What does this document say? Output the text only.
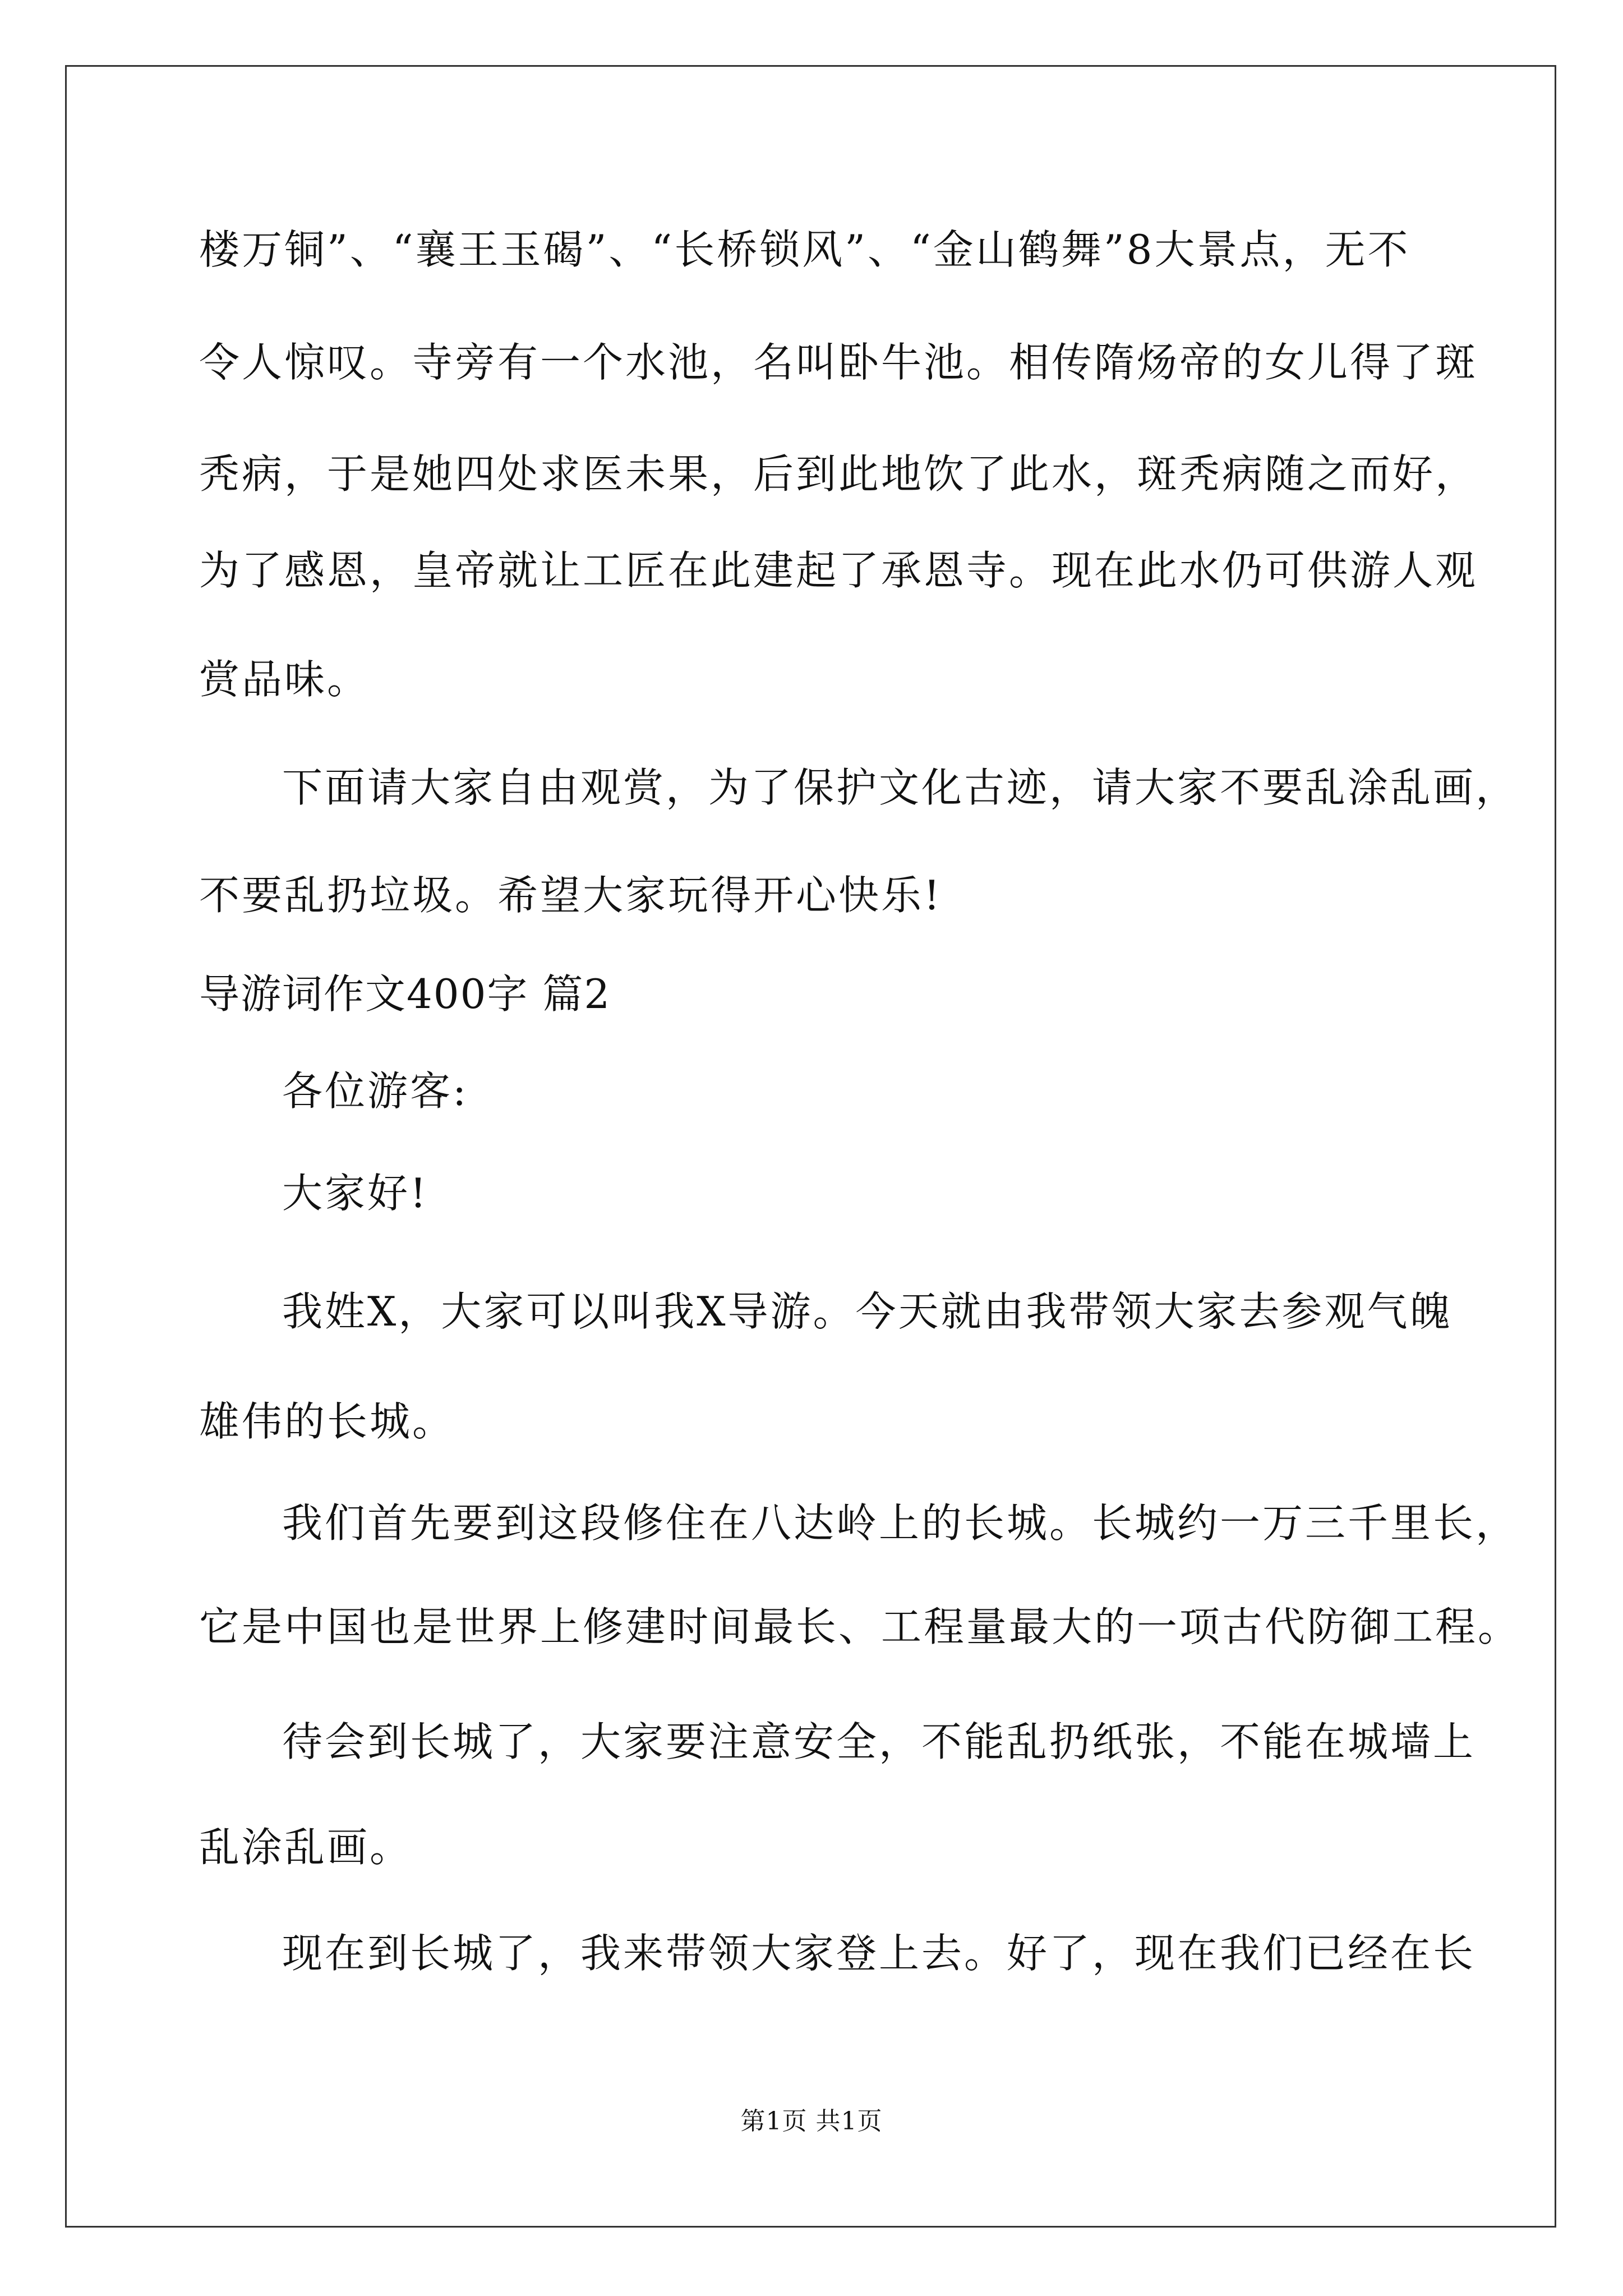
楼万铜”、“襄王玉碣”、“长桥锁风”、“金山鹤舞”8大景点，无不
令人惊叹。寺旁有一个水池，名叫卧牛池。相传隋炀帝的女儿得了斑
秃病，于是她四处求医未果，后到此地饮了此水，斑秃病随之而好，
为了感恩，皇帝就让工匠在此建起了承恩寺。现在此水仍可供游人观
赏品味。
下面请大家自由观赏，为了保护文化古迹，请大家不要乱涂乱画，
不要乱扔垃圾。希望大家玩得开心快乐!
导游词作文400字 篇2
各位游客:
大家好!
我姓X，大家可以叫我X导游。今天就由我带领大家去参观气魄
雄伟的长城。
我们首先要到这段修住在八达岭上的长城。长城约一万三千里长，
它是中国也是世界上修建时间最长、工程量最大的一项古代防御工程。
待会到长城了，大家要注意安全，不能乱扔纸张，不能在城墙上
乱涂乱画。
现在到长城了，我来带领大家登上去。好了，现在我们已经在长
第1页 共1页
